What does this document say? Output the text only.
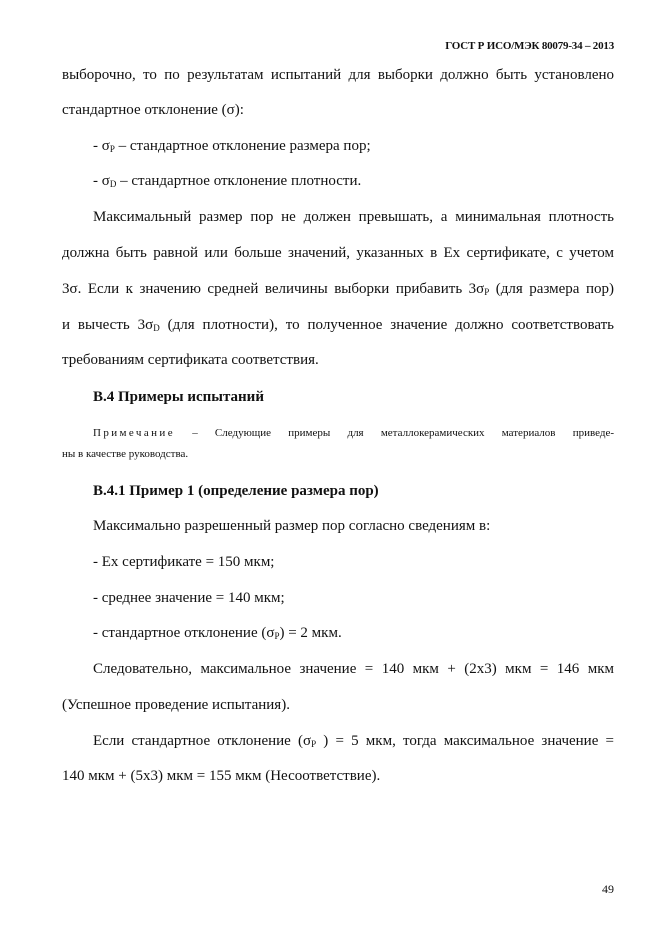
ГОСТ Р ИСО/МЭК 80079-34 – 2013
выборочно, то по результатам испытаний для выборки должно быть установлено
стандартное отклонение (σ):
- $\sigma_P$ – стандартное отклонение размера пор;
- $\sigma_D$ – стандартное отклонение плотности.
Максимальный размер пор не должен превышать, а минимальная плотность
должна быть равной или больше значений, указанных в Ex сертификате, с учетом
3σ. Если к значению средней величины выборки прибавить $3\sigma_P$ (для размера пор)
и вычесть $3\sigma_D$ (для плотности), то полученное значение должно соответствовать
требованиям сертификата соответствия.
В.4 Примеры испытаний
Примечание – Следующие примеры для металлокерамических материалов приведе-
ны в качестве руководства.
В.4.1 Пример 1 (определение размера пор)
Максимально разрешенный размер пор согласно сведениям в:
- Ex сертификате = 150 мкм;
- среднее значение = 140 мкм;
- стандартное отклонение $(\sigma_P) = 2$ мкм.
Следовательно, максимальное значение = 140 мкм + (2х3) мкм = 146 мкм
(Успешное проведение испытания).
Если стандартное отклонение ($\sigma_P$ ) = 5 мкм, тогда максимальное значение =
140 мкм + (5х3) мкм = 155 мкм (Несоответствие).
49
